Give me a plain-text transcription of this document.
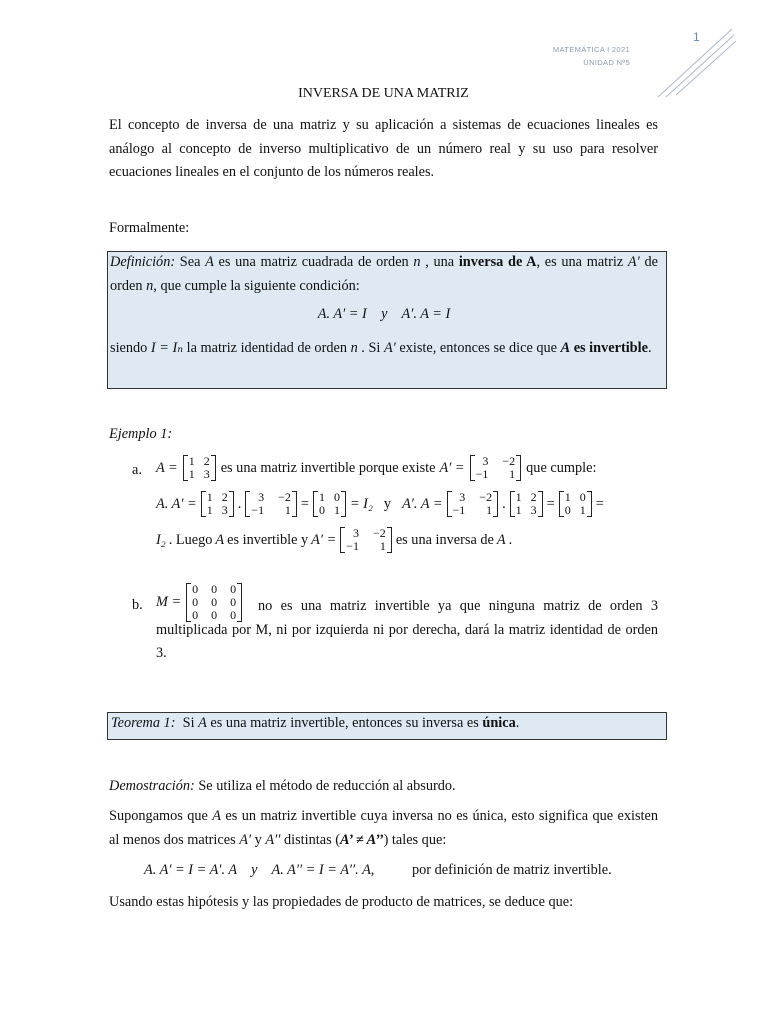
MATEMÁTICA I 2021
UNIDAD Nº5
1
INVERSA DE UNA MATRIZ
El concepto de inversa de una matriz y su aplicación a sistemas de ecuaciones lineales es análogo al concepto de inverso multiplicativo de un número real y su uso para resolver ecuaciones lineales en el conjunto de los números reales.
Formalmente:
Definición: Sea A es una matriz cuadrada de orden n , una inversa de A, es una matriz A′ de orden n, que cumple la siguiente condición:
A. A′ = I    y    A′. A = I
siendo I = Iₙ la matriz identidad de orden n . Si A′ existe, entonces se dice que A es invertible.
Ejemplo 1:
a. A = 1 2
1 3 es una matriz invertible porque existe A′ =	3 −2
−1	1 que cumple:
A. A′ = 1 2
1 3 .	3 −2
−1	1 = 1 0
0 1 = I₂ y A′. A =	3 −2
−1	1 . 1 2
1 3 = 1 0
0 1 =
I₂ . Luego A es invertible y A′ =	3 −2
−1	1 es una inversa de A .
b. M =
0 0 0
0 0 0
0 0 0
no es una matriz invertible ya que ninguna matriz de orden 3 multiplicada por M, ni por izquierda ni por derecha, dará la matriz identidad de orden 3.
Teorema 1:  Si A es una matriz invertible, entonces su inversa es única.
Demostración: Se utiliza el método de reducción al absurdo.
Supongamos que A es un matriz invertible cuya inversa no es única, esto significa que existen al menos dos matrices A′ y A′′ distintas (A’ ≠ A’’) tales que:
A. A′ = I = A′. A    y    A. A′′ = I = A′′. A,	por definición de matriz invertible.
Usando estas hipótesis y las propiedades de producto de matrices, se deduce que:
